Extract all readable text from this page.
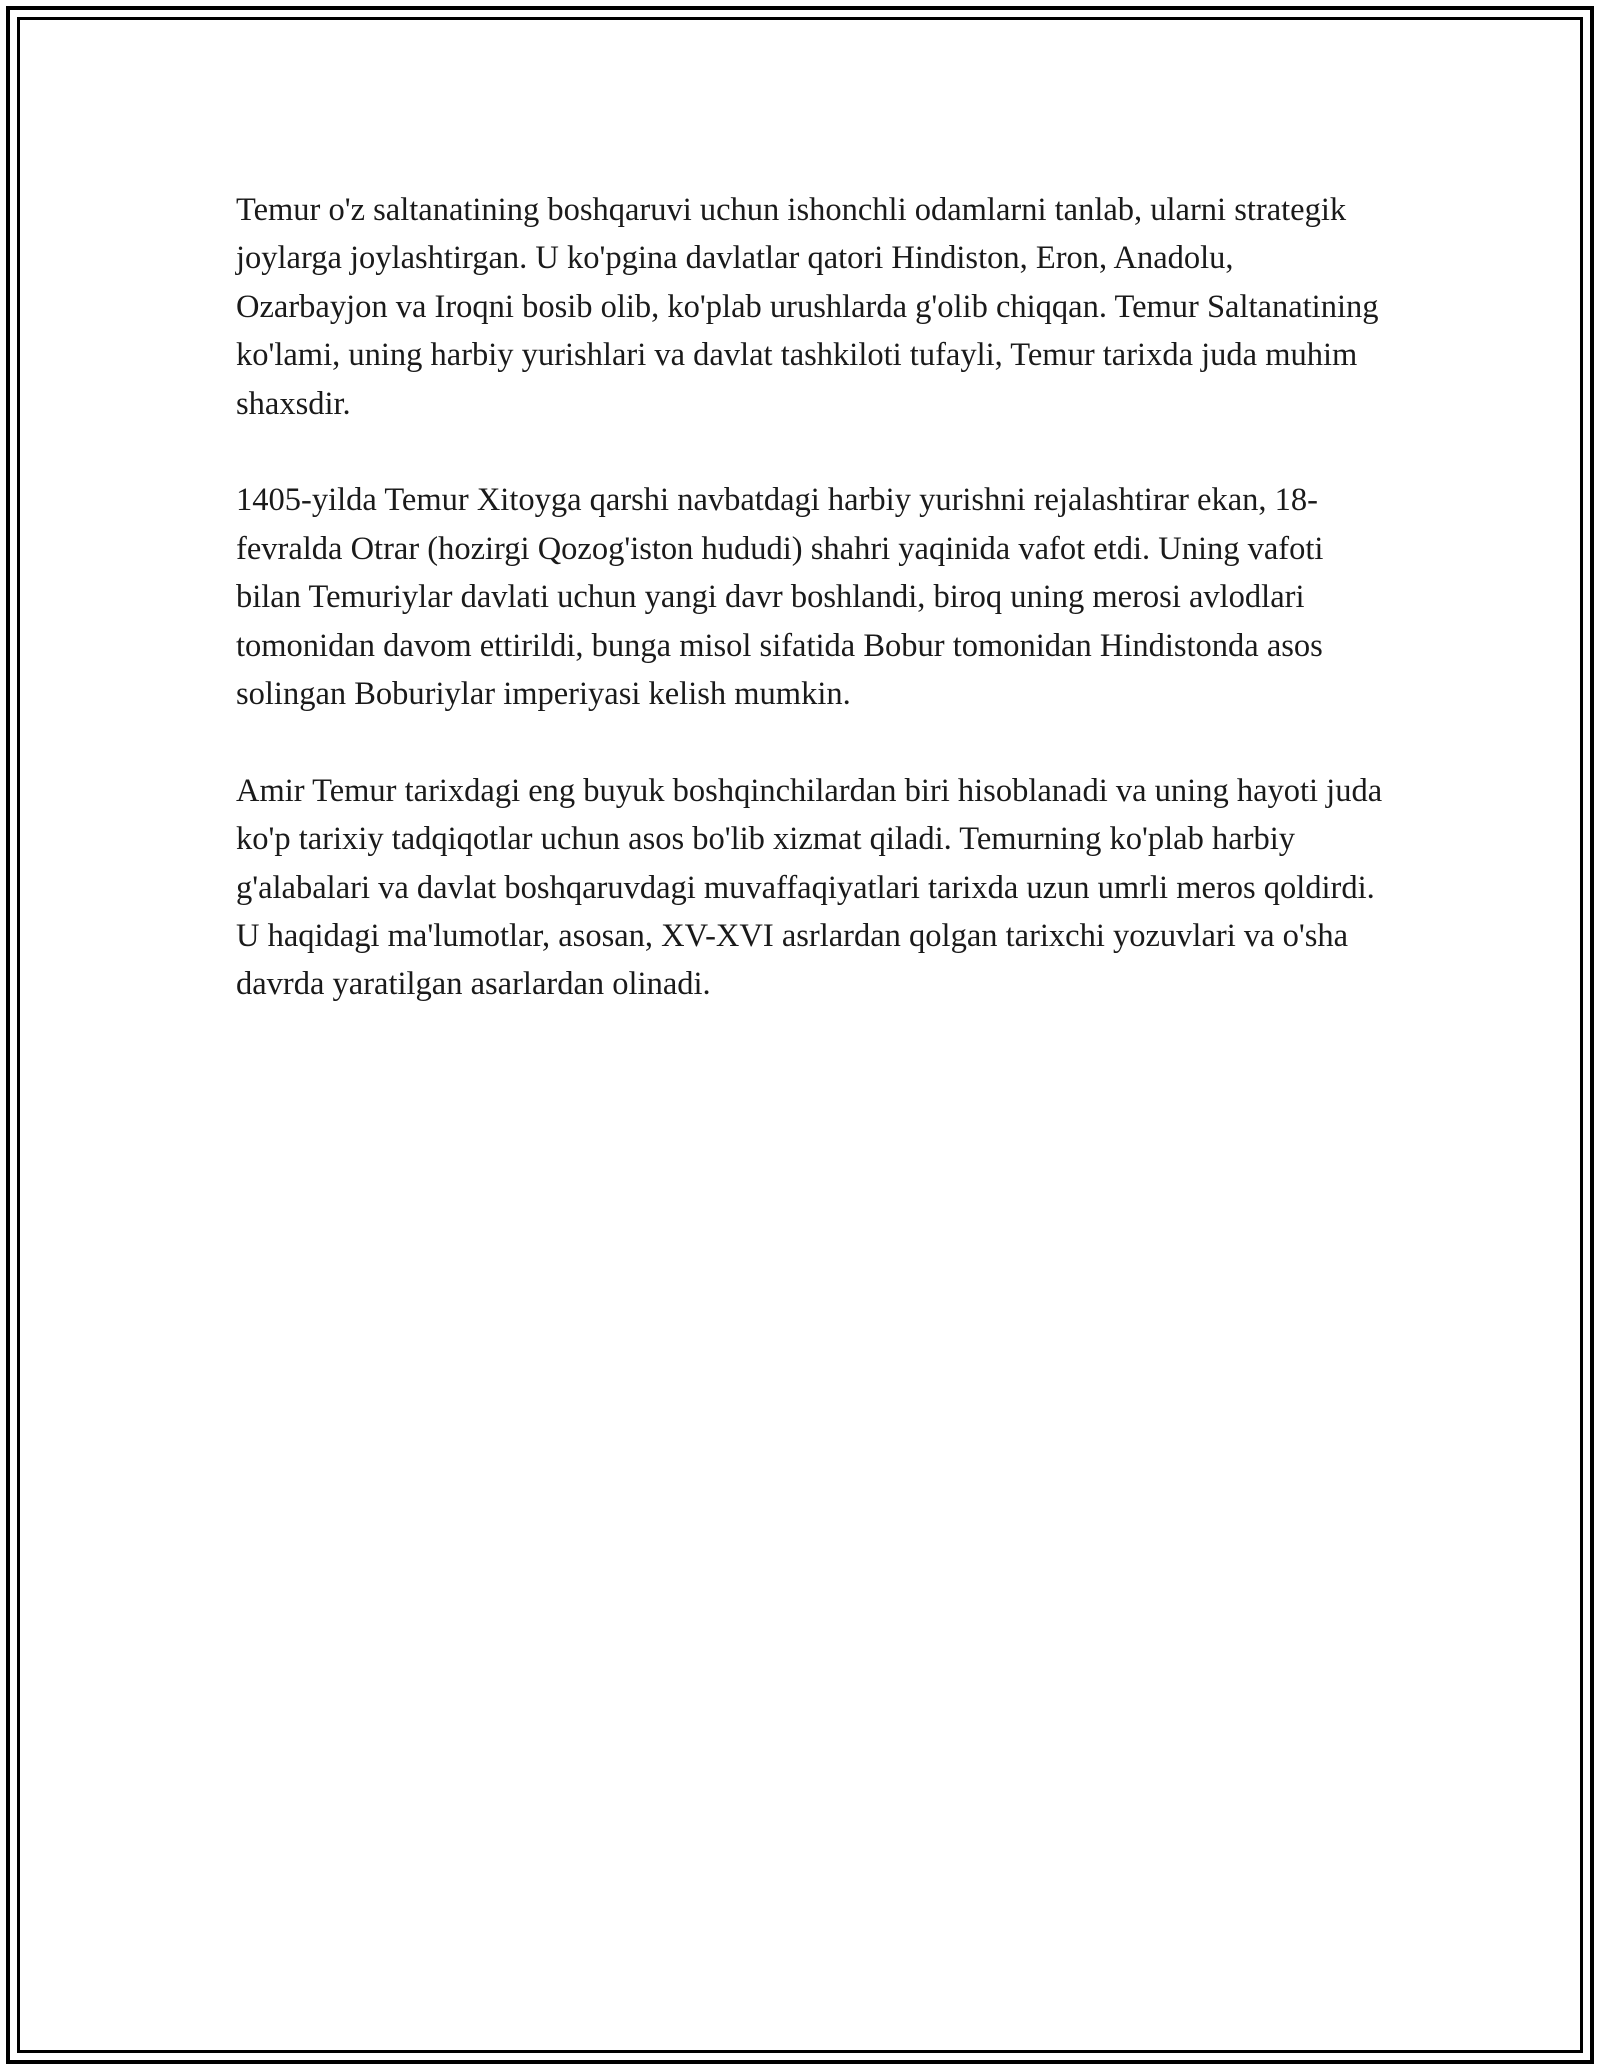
Temur o'z saltanatining boshqaruvi uchun ishonchli odamlarni tanlab, ularni strategik joylarga joylashtirgan. U ko'pgina davlatlar qatori Hindiston, Eron, Anadolu, Ozarbayjon va Iroqni bosib olib, ko'plab urushlarda g'olib chiqqan. Temur Saltanatining ko'lami, uning harbiy yurishlari va davlat tashkiloti tufayli, Temur tarixda juda muhim shaxsdir.

1405-yilda Temur Xitoyga qarshi navbatdagi harbiy yurishni rejalashtirar ekan, 18-fevralda Otrar (hozirgi Qozog'iston hududi) shahri yaqinida vafot etdi. Uning vafoti bilan Temuriylar davlati uchun yangi davr boshlandi, biroq uning merosi avlodlari tomonidan davom ettirildi, bunga misol sifatida Bobur tomonidan Hindistonda asos solingan Boburiylar imperiyasi kelish mumkin.

Amir Temur tarixdagi eng buyuk boshqinchilardan biri hisoblanadi va uning hayoti juda ko'p tarixiy tadqiqotlar uchun asos bo'lib xizmat qiladi. Temurning ko'plab harbiy g'alabalari va davlat boshqaruvdagi muvaffaqiyatlari tarixda uzun umrli meros qoldirdi. U haqidagi ma'lumotlar, asosan, XV-XVI asrlardan qolgan tarixchi yozuvlari va o'sha davrda yaratilgan asarlardan olinadi.
